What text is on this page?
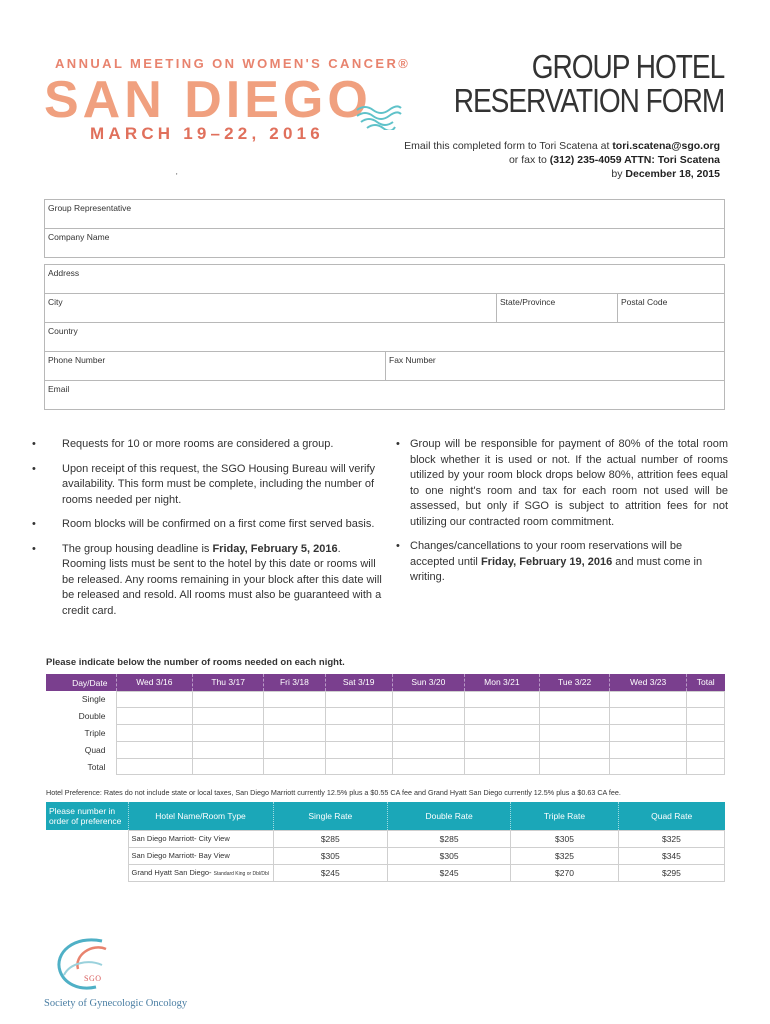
ANNUAL MEETING ON WOMEN'S CANCER®
SAN DIEGO
MARCH 19–22, 2016
GROUP HOTEL
RESERVATION FORM
Email this completed form to Tori Scatena at tori.scatena@sgo.org
or fax to (312) 235-4059 ATTN: Tori Scatena
by December 18, 2015
'
Group Representative
Company Name
Address
City	State/Province	Postal Code
Country
Phone Number	Fax Number
Email
•	Requests for 10 or more rooms are considered a group.
•	Upon receipt of this request, the SGO Housing Bureau will verify availability. This form must be complete, including the number of rooms needed per night.
•	Room blocks will be confirmed on a first come first served basis.
•	The group housing deadline is Friday, February 5, 2016. Rooming lists must be sent to the hotel by this date or rooms will be released. Any rooms remaining in your block after this date will be released and resold. All rooms must also be guaranteed with a credit card.
• Group will be responsible for payment of 80% of the total room block whether it is used or not. If the actual number of rooms utilized by your room block drops below 80%, attrition fees equal to one night's room and tax for each room not used will be assessed, but only if SGO is subject to attrition fees for not utilizing our contracted room commitment.
• Changes/cancellations to your room reservations will be accepted until Friday, February 19, 2016 and must come in writing.
Please indicate below the number of rooms needed on each night.
Day/Date	Wed 3/16	Thu 3/17	Fri 3/18	Sat 3/19	Sun 3/20	Mon 3/21	Tue 3/22	Wed 3/23	Total
Single									
Double									
Triple									
Quad									
Total									
Hotel Preference: Rates do not include state or local taxes, San Diego Marriott currently 12.5% plus a $0.55 CA fee and Grand Hyatt San Diego currently 12.5% plus a $0.63 CA fee.
Please number in order of preference	Hotel Name/Room Type	Single Rate	Double Rate	Triple Rate	Quad Rate
	San Diego Marriott- City View	$285	$285	$305	$325
	San Diego Marriott- Bay View	$305	$305	$325	$345
	Grand Hyatt San Diego- Standard King or Dbl/Dbl	$245	$245	$270	$295
SGO
Society of Gynecologic Oncology
